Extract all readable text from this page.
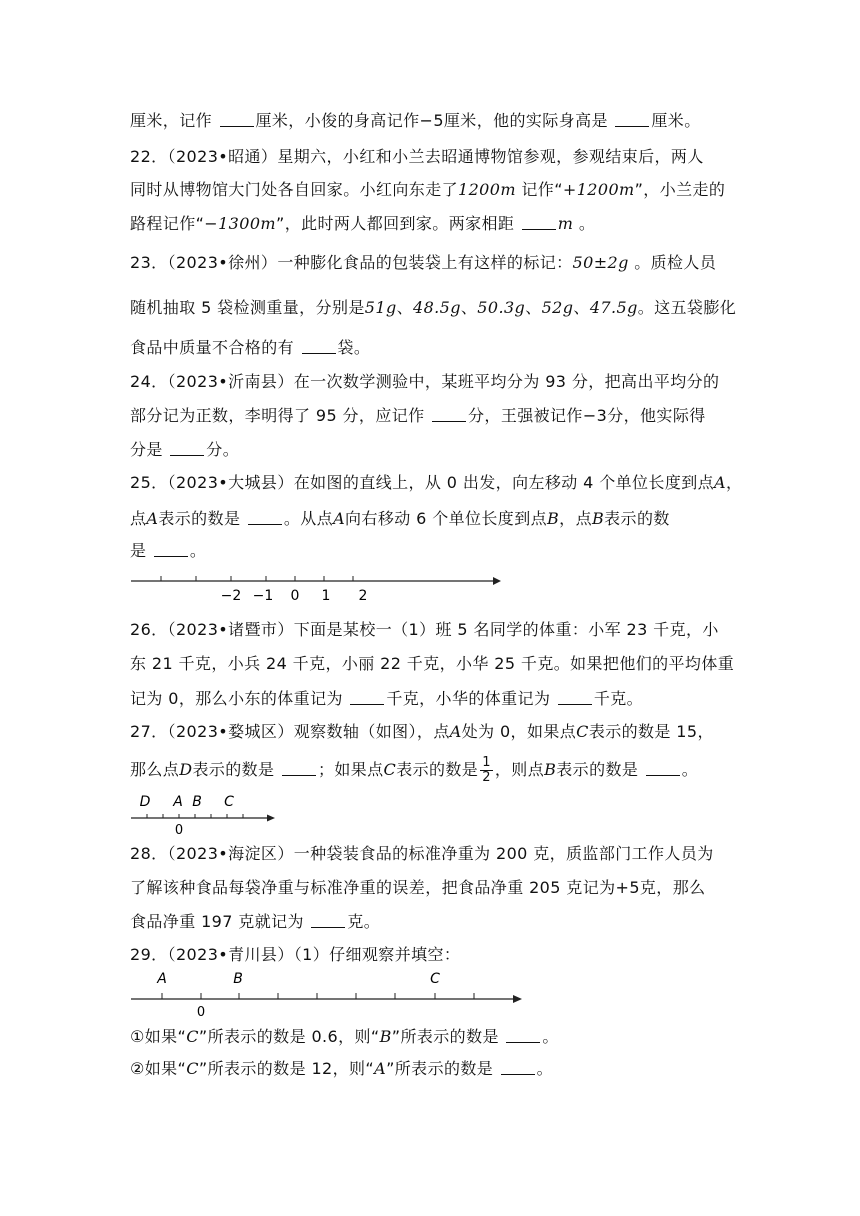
厘米，记作 厘米，小俊的身高记作−5厘米，他的实际身高是 厘米。
22．（2023•昭通）星期六，小红和小兰去昭通博物馆参观，参观结束后，两人
同时从博物馆大门处各自回家。小红向东走了1200m 记作“+1200m”，小兰走的
路程记作“−1300m”，此时两人都回到家。两家相距 m 。
23．（2023•徐州）一种膨化食品的包装袋上有这样的标记：50±2g 。质检人员
随机抽取 5 袋检测重量，分别是51g、48.5g、50.3g、52g、47.5g。这五袋膨化
食品中质量不合格的有 袋。
24．（2023•沂南县）在一次数学测验中，某班平均分为 93 分，把高出平均分的
部分记为正数，李明得了 95 分，应记作 分，王强被记作−3分，他实际得
分是 分。
25．（2023•大城县）在如图的直线上，从 0 出发，向左移动 4 个单位长度到点A，
点A表示的数是 。从点A向右移动 6 个单位长度到点B，点B表示的数
是 。
−2 −1 0 1 2
26．（2023•诸暨市）下面是某校一（1）班 5 名同学的体重：小军 23 千克，小
东 21 千克，小兵 24 千克，小丽 22 千克，小华 25 千克。如果把他们的平均体重
记为 0，那么小东的体重记为 千克，小华的体重记为 千克。
27．（2023•婺城区）观察数轴（如图），点A处为 0，如果点C表示的数是 15，
那么点D表示的数是 ；如果点C表示的数是 $\frac{1}{2}$ ，则点B表示的数是 。
D A B C
0
28．（2023•海淀区）一种袋装食品的标准净重为 200 克，质监部门工作人员为
了解该种食品每袋净重与标准净重的误差，把食品净重 205 克记为+5克，那么
食品净重 197 克就记为 克。
29．（2023•青川县）（1）仔细观察并填空：
A	B	C
0
①如果“C”所表示的数是 0.6，则“B”所表示的数是 。
②如果“C”所表示的数是 12，则“A”所表示的数是 。
